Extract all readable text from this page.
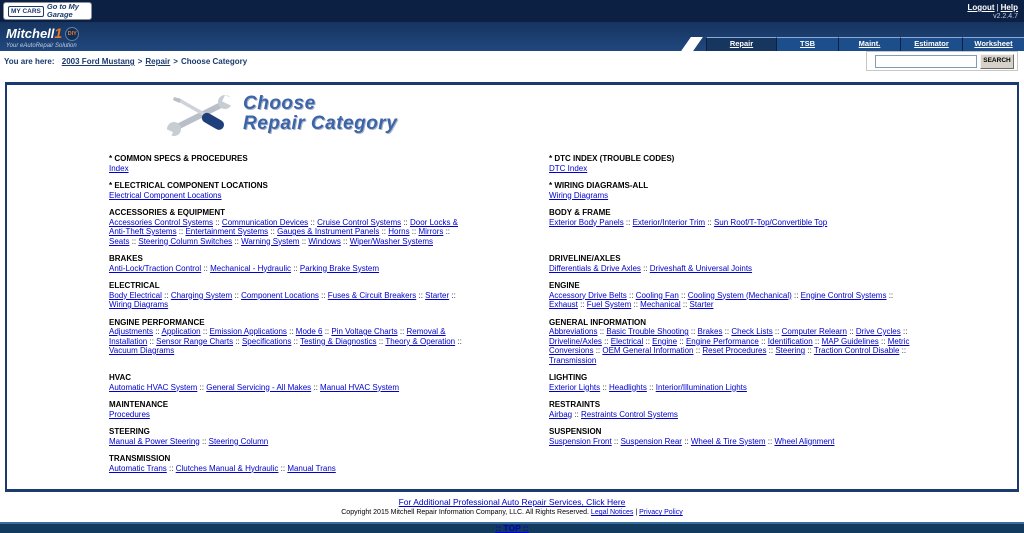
MY CARS Go to My Garage
Logout | Help
v2.2.4.7
Mitchell1 DIY
Your eAutoRepair Solution	Repair	TSB	Maint.	Estimator	Worksheet
You are here: 2003 Ford Mustang > Repair > Choose Category	SEARCH
Choose
Repair Category
* COMMON SPECS & PROCEDURES
Index
* DTC INDEX (TROUBLE CODES)
DTC Index
* ELECTRICAL COMPONENT LOCATIONS
Electrical Component Locations
* WIRING DIAGRAMS-ALL
Wiring Diagrams
ACCESSORIES & EQUIPMENT
Accessories Control Systems :: Communication Devices :: Cruise Control Systems :: Door Locks & Anti-Theft Systems :: Entertainment Systems :: Gauges & Instrument Panels :: Horns :: Mirrors :: Seats :: Steering Column Switches :: Warning System :: Windows :: Wiper/Washer Systems
BODY & FRAME
Exterior Body Panels :: Exterior/Interior Trim :: Sun Roof/T-Top/Convertible Top
BRAKES
Anti-Lock/Traction Control :: Mechanical - Hydraulic :: Parking Brake System
DRIVELINE/AXLES
Differentials & Drive Axles :: Driveshaft & Universal Joints
ELECTRICAL
Body Electrical :: Charging System :: Component Locations :: Fuses & Circuit Breakers :: Starter :: Wiring Diagrams
ENGINE
Accessory Drive Belts :: Cooling Fan :: Cooling System (Mechanical) :: Engine Control Systems :: Exhaust :: Fuel System :: Mechanical :: Starter
ENGINE PERFORMANCE
Adjustments :: Application :: Emission Applications :: Mode 6 :: Pin Voltage Charts :: Removal & Installation :: Sensor Range Charts :: Specifications :: Testing & Diagnostics :: Theory & Operation :: Vacuum Diagrams
GENERAL INFORMATION
Abbreviations :: Basic Trouble Shooting :: Brakes :: Check Lists :: Computer Relearn :: Drive Cycles :: Driveline/Axles :: Electrical :: Engine :: Engine Performance :: Identification :: MAP Guidelines :: Metric Conversions :: OEM General Information :: Reset Procedures :: Steering :: Traction Control Disable :: Transmission
HVAC
Automatic HVAC System :: General Servicing - All Makes :: Manual HVAC System
LIGHTING
Exterior Lights :: Headlights :: Interior/Illumination Lights
MAINTENANCE
Procedures
RESTRAINTS
Airbag :: Restraints Control Systems
STEERING
Manual & Power Steering :: Steering Column
SUSPENSION
Suspension Front :: Suspension Rear :: Wheel & Tire System :: Wheel Alignment
TRANSMISSION
Automatic Trans :: Clutches Manual & Hydraulic :: Manual Trans
For Additional Professional Auto Repair Services, Click Here
Copyright 2015 Mitchell Repair Information Company, LLC. All Rights Reserved. Legal Notices | Privacy Policy
:: TOP ::
